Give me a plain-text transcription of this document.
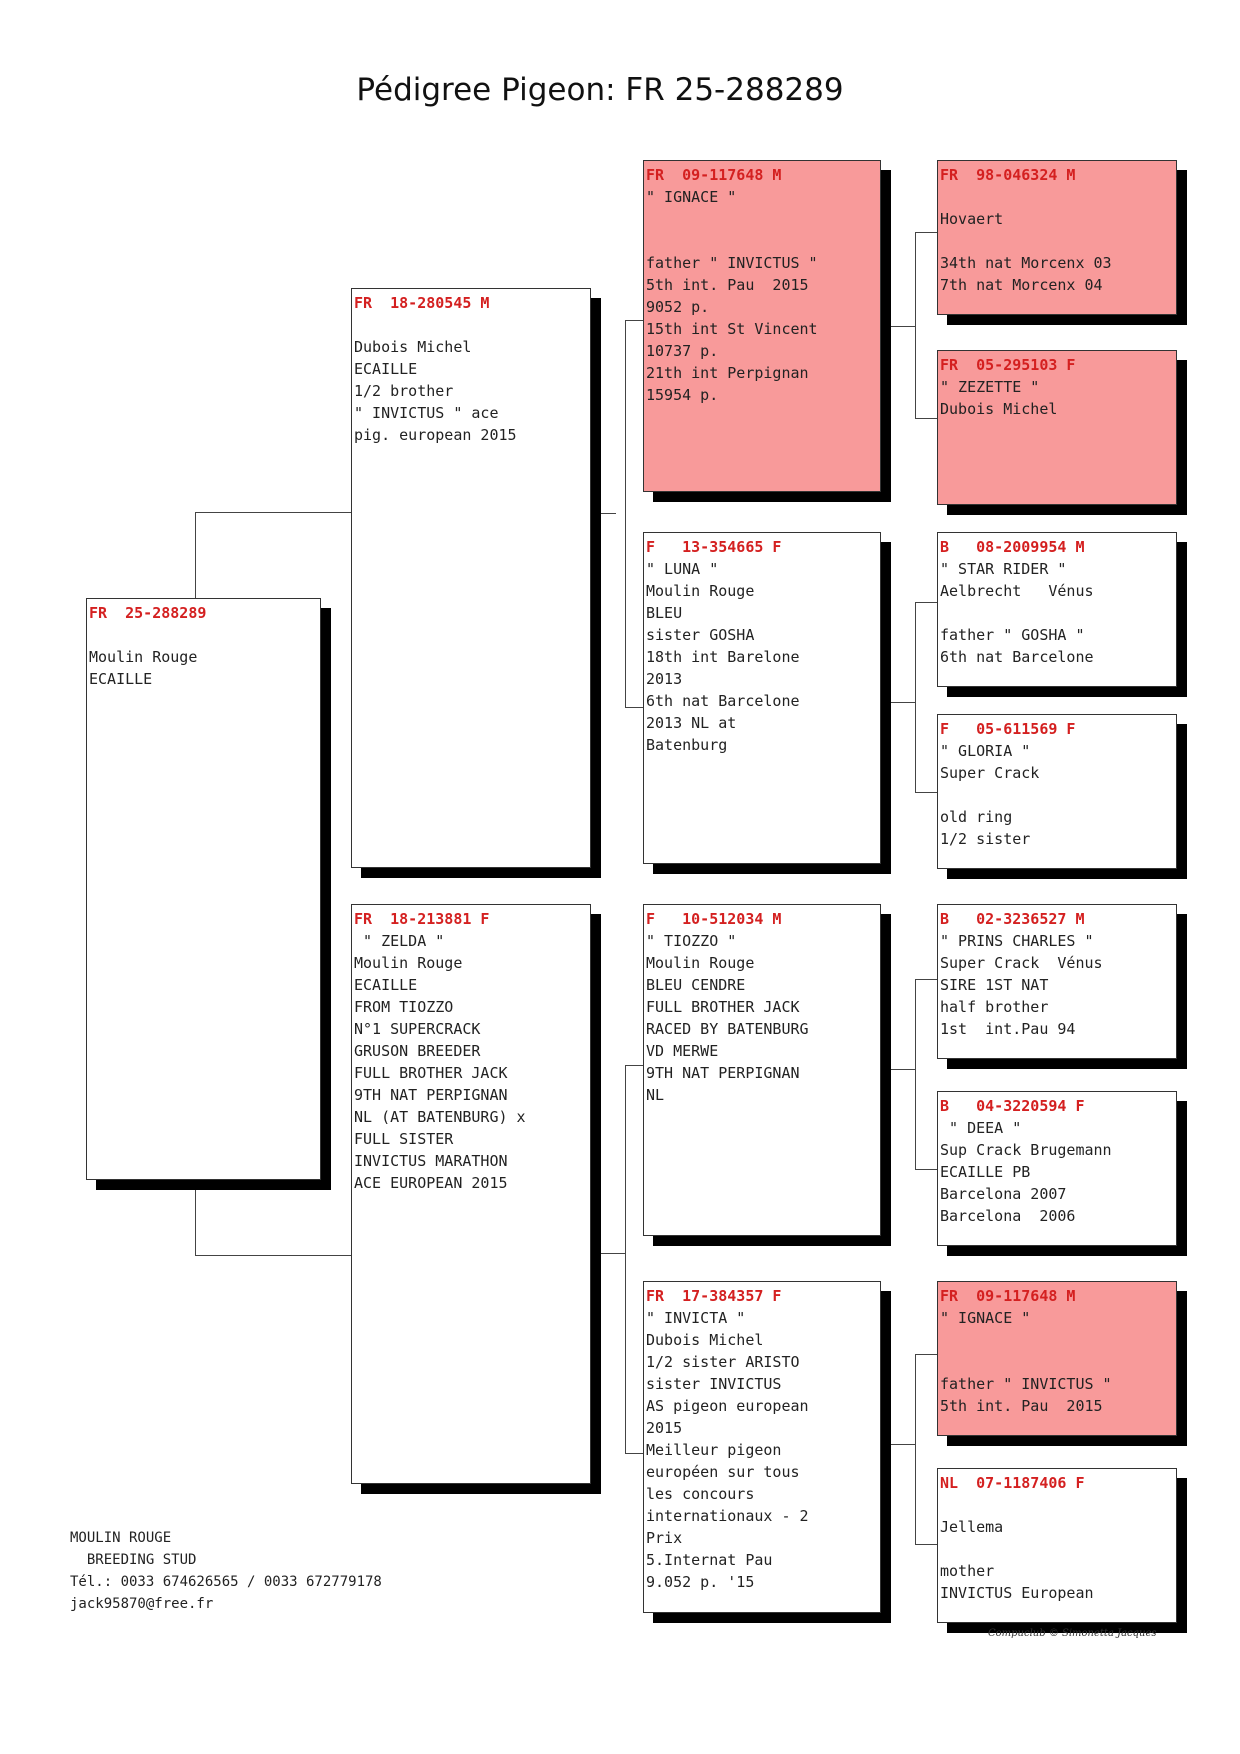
Pédigree Pigeon: FR 25-288289
FR  25-288289

Moulin Rouge
ECAILLE
FR  18-280545 M

Dubois Michel
ECAILLE
1/2 brother
" INVICTUS " ace
pig. european 2015
FR  18-213881 F
" ZELDA "
Moulin Rouge
ECAILLE
FROM TIOZZO
N°1 SUPERCRACK
GRUSON BREEDER
FULL BROTHER JACK
9TH NAT PERPIGNAN
NL (AT BATENBURG) x
FULL SISTER
INVICTUS MARATHON
ACE EUROPEAN 2015
FR  09-117648 M
" IGNACE "

father " INVICTUS "
5th int. Pau  2015
9052 p.
15th int St Vincent
10737 p.
21th int Perpignan
15954 p.
F   13-354665 F
" LUNA "
Moulin Rouge
BLEU
sister GOSHA
18th int Barelone
2013
6th nat Barcelone
2013 NL at
Batenburg
F   10-512034 M
" TIOZZO "
Moulin Rouge
BLEU CENDRE
FULL BROTHER JACK
RACED BY BATENBURG
VD MERWE
9TH NAT PERPIGNAN
NL
FR  17-384357 F
" INVICTA "
Dubois Michel
1/2 sister ARISTO
sister INVICTUS
AS pigeon european
2015
Meilleur pigeon
européen sur tous
les concours
internationaux - 2
Prix
5.Internat Pau
9.052 p. '15
FR  98-046324 M

Hovaert

34th nat Morcenx 03
7th nat Morcenx 04
FR  05-295103 F
" ZEZETTE "
Dubois Michel
B   08-2009954 M
" STAR RIDER "
Aelbrecht   Vénus

father " GOSHA "
6th nat Barcelone
F   05-611569 F
" GLORIA "
Super Crack

old ring
1/2 sister
B   02-3236527 M
" PRINS CHARLES "
Super Crack  Vénus
SIRE 1ST NAT
half brother
1st  int.Pau 94
B   04-3220594 F
" DEEA "
Sup Crack Brugemann
ECAILLE PB
Barcelona 2007
Barcelona  2006
FR  09-117648 M
" IGNACE "

father " INVICTUS "
5th int. Pau  2015
NL  07-1187406 F

Jellema

mother
INVICTUS European
MOULIN ROUGE
BREEDING STUD
Tél.: 0033 674626565 / 0033 672779178
jack95870@free.fr
Compuclub © Simonetta Jacques
